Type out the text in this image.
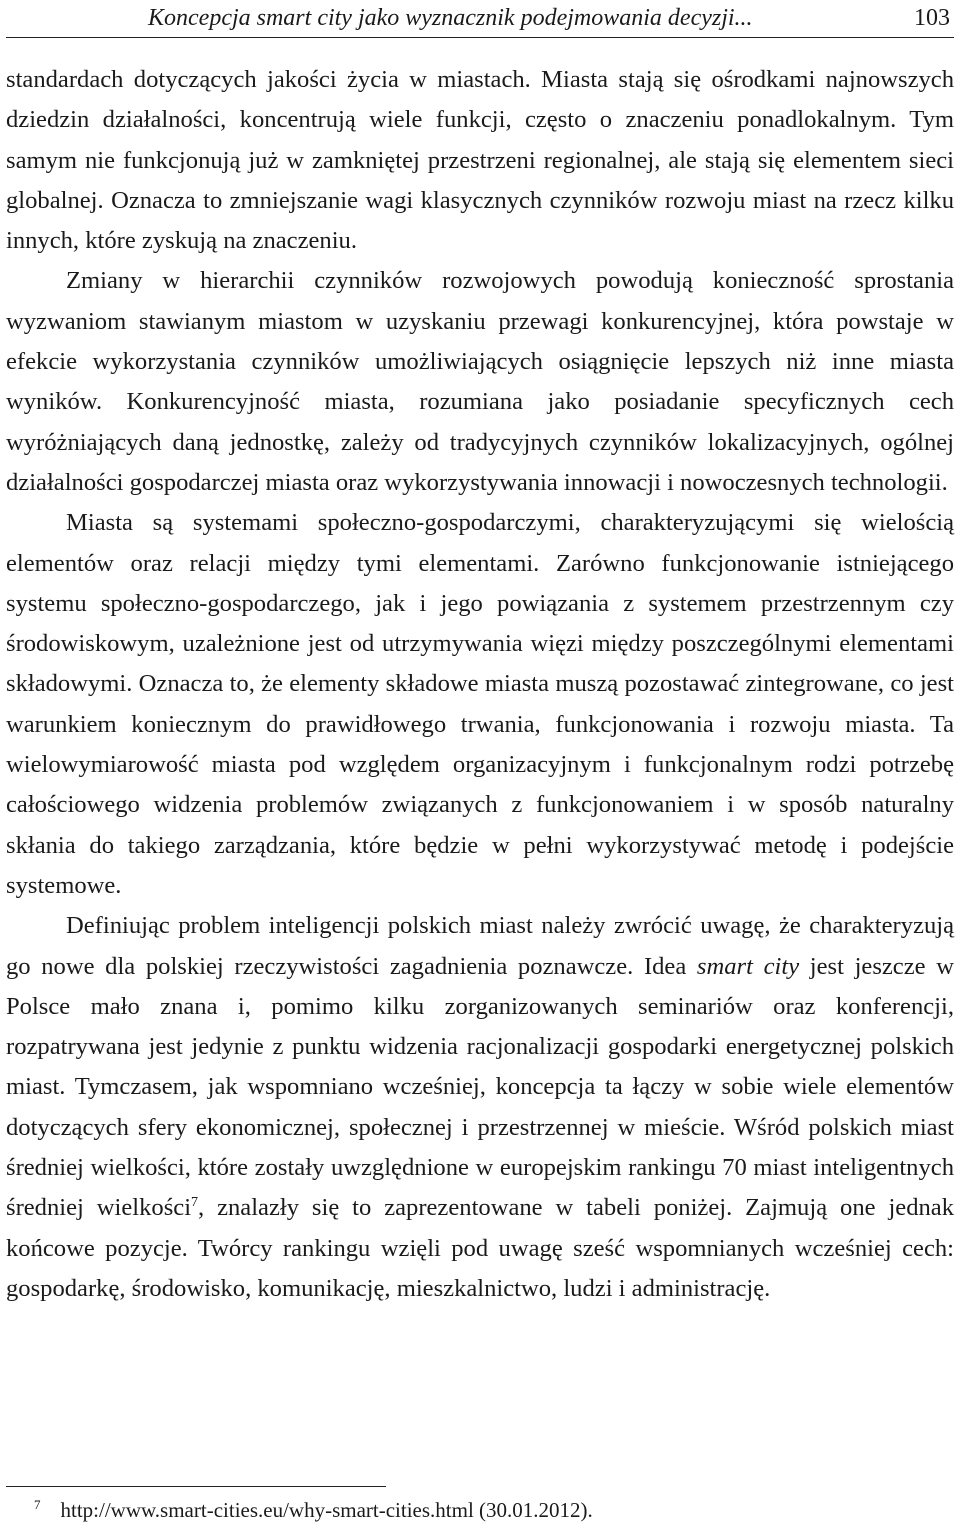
Koncepcja smart city jako wyznacznik podejmowania decyzji...	103

standardach dotyczących jakości życia w miastach. Miasta stają się ośrodkami najnowszych dziedzin działalności, koncentrują wiele funkcji, często o znaczeniu ponadlokalnym. Tym samym nie funkcjonują już w zamkniętej przestrzeni regionalnej, ale stają się elementem sieci globalnej. Oznacza to zmniejszanie wagi klasycznych czynników rozwoju miast na rzecz kilku innych, które zyskują na znaczeniu.

Zmiany w hierarchii czynników rozwojowych powodują konieczność sprostania wyzwaniom stawianym miastom w uzyskaniu przewagi konkurencyjnej, która powstaje w efekcie wykorzystania czynników umożliwiających osiągnięcie lepszych niż inne miasta wyników. Konkurencyjność miasta, rozumiana jako posiadanie specyficznych cech wyróżniających daną jednostkę, zależy od tradycyjnych czynników lokalizacyjnych, ogólnej działalności gospodarczej miasta oraz wykorzystywania innowacji i nowoczesnych technologii.

Miasta są systemami społeczno-gospodarczymi, charakteryzującymi się wielością elementów oraz relacji między tymi elementami. Zarówno funkcjonowanie istniejącego systemu społeczno-gospodarczego, jak i jego powiązania z systemem przestrzennym czy środowiskowym, uzależnione jest od utrzymywania więzi między poszczególnymi elementami składowymi. Oznacza to, że elementy składowe miasta muszą pozostawać zintegrowane, co jest warunkiem koniecznym do prawidłowego trwania, funkcjonowania i rozwoju miasta. Ta wielowymiarowość miasta pod względem organizacyjnym i funkcjonalnym rodzi potrzebę całościowego widzenia problemów związanych z funkcjonowaniem i w sposób naturalny skłania do takiego zarządzania, które będzie w pełni wykorzystywać metodę i podejście systemowe.

Definiując problem inteligencji polskich miast należy zwrócić uwagę, że charakteryzują go nowe dla polskiej rzeczywistości zagadnienia poznawcze. Idea smart city jest jeszcze w Polsce mało znana i, pomimo kilku zorganizowanych seminariów oraz konferencji, rozpatrywana jest jedynie z punktu widzenia racjonalizacji gospodarki energetycznej polskich miast. Tymczasem, jak wspomniano wcześniej, koncepcja ta łączy w sobie wiele elementów dotyczących sfery ekonomicznej, społecznej i przestrzennej w mieście. Wśród polskich miast średniej wielkości, które zostały uwzględnione w europejskim rankingu 70 miast inteligentnych średniej wielkości$^7$, znalazły się to zaprezentowane w tabeli poniżej. Zajmują one jednak końcowe pozycje. Twórcy rankingu wzięli pod uwagę sześć wspomnianych wcześniej cech: gospodarkę, środowisko, komunikację, mieszkalnictwo, ludzi i administrację.

$^7$ http://www.smart-cities.eu/why-smart-cities.html (30.01.2012).
